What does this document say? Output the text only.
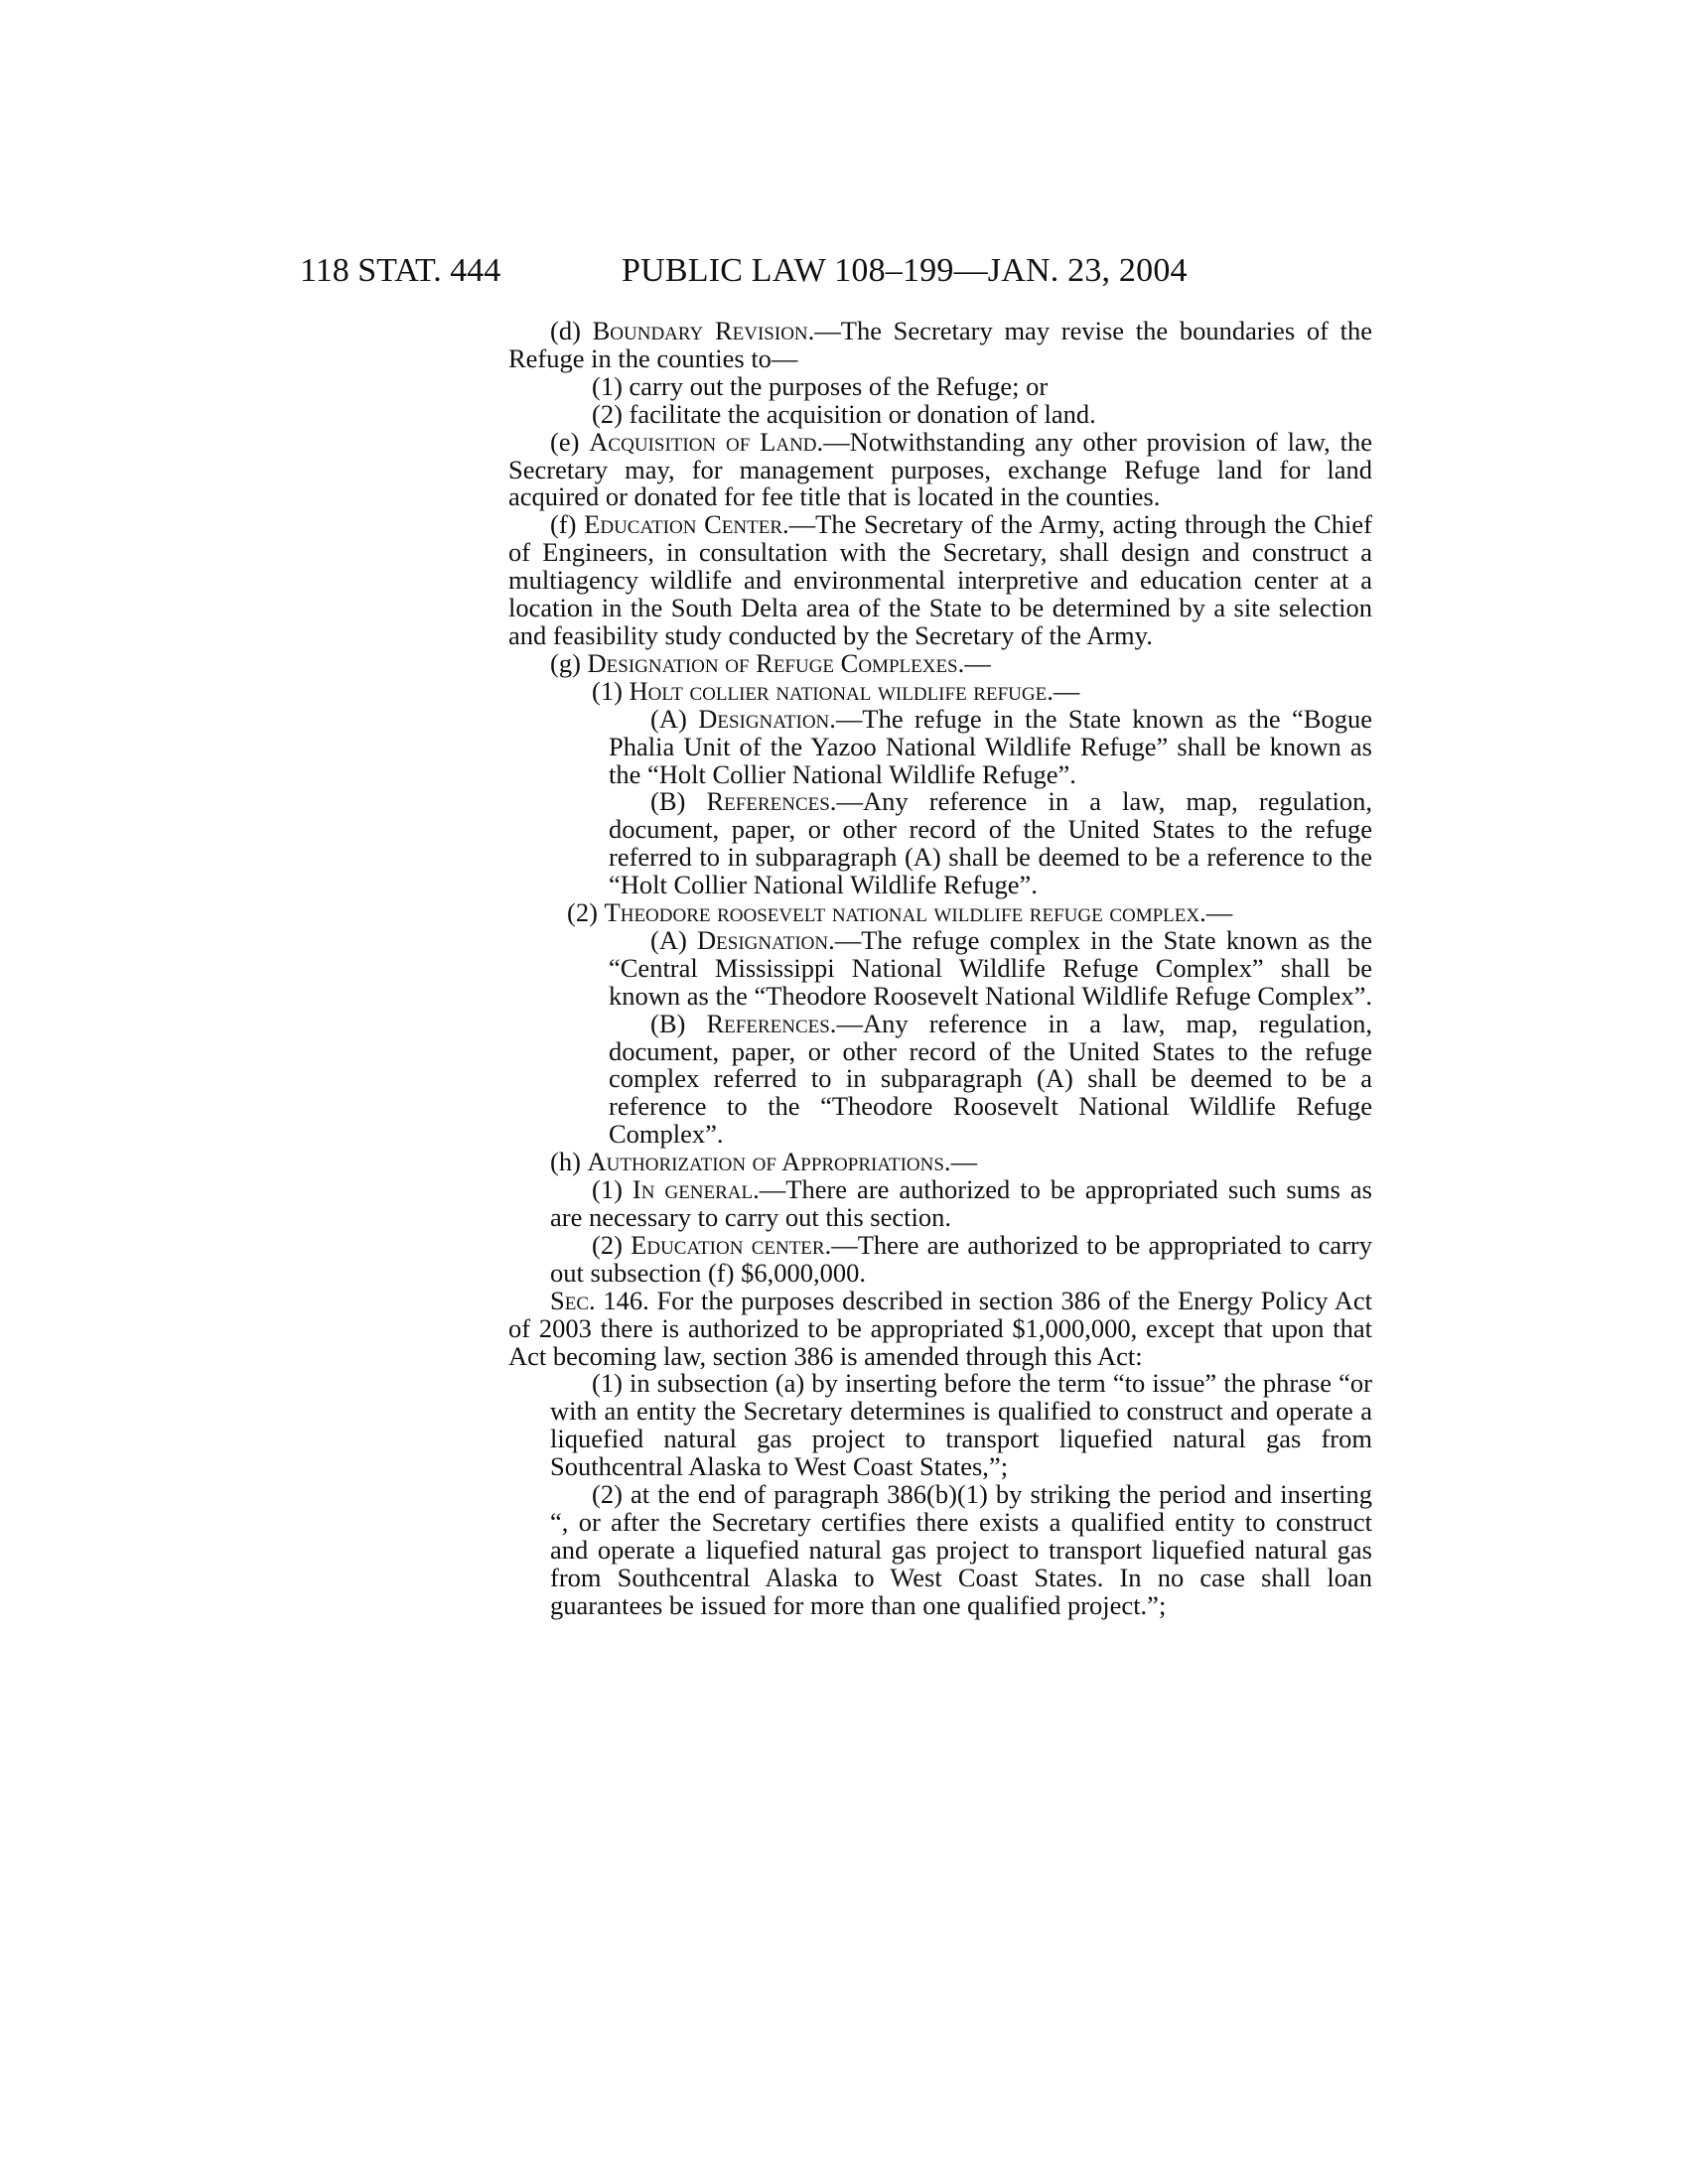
118 STAT. 444	PUBLIC LAW 108–199—JAN. 23, 2004

(d) Boundary Revision.—The Secretary may revise the boundaries of the Refuge in the counties to—

(1) carry out the purposes of the Refuge; or

(2) facilitate the acquisition or donation of land.

(e) Acquisition of Land.—Notwithstanding any other provision of law, the Secretary may, for management purposes, exchange Refuge land for land acquired or donated for fee title that is located in the counties.

(f) Education Center.—The Secretary of the Army, acting through the Chief of Engineers, in consultation with the Secretary, shall design and construct a multiagency wildlife and environmental interpretive and education center at a location in the South Delta area of the State to be determined by a site selection and feasibility study conducted by the Secretary of the Army.

(g) Designation of Refuge Complexes.—

(1) Holt collier national wildlife refuge.—

(A) Designation.—The refuge in the State known as the “Bogue Phalia Unit of the Yazoo National Wildlife Refuge” shall be known as the “Holt Collier National Wildlife Refuge”.

(B) References.—Any reference in a law, map, regulation, document, paper, or other record of the United States to the refuge referred to in subparagraph (A) shall be deemed to be a reference to the “Holt Collier National Wildlife Refuge”.

(2) Theodore roosevelt national wildlife refuge complex.—

(A) Designation.—The refuge complex in the State known as the “Central Mississippi National Wildlife Refuge Complex” shall be known as the “Theodore Roosevelt National Wildlife Refuge Complex”.

(B) References.—Any reference in a law, map, regulation, document, paper, or other record of the United States to the refuge complex referred to in subparagraph (A) shall be deemed to be a reference to the “Theodore Roosevelt National Wildlife Refuge Complex”.

(h) Authorization of Appropriations.—

(1) In general.—There are authorized to be appropriated such sums as are necessary to carry out this section.

(2) Education center.—There are authorized to be appropriated to carry out subsection (f) $6,000,000.

Sec. 146. For the purposes described in section 386 of the Energy Policy Act of 2003 there is authorized to be appropriated $1,000,000, except that upon that Act becoming law, section 386 is amended through this Act:

(1) in subsection (a) by inserting before the term “to issue” the phrase “or with an entity the Secretary determines is qualified to construct and operate a liquefied natural gas project to transport liquefied natural gas from Southcentral Alaska to West Coast States,”;

(2) at the end of paragraph 386(b)(1) by striking the period and inserting “, or after the Secretary certifies there exists a qualified entity to construct and operate a liquefied natural gas project to transport liquefied natural gas from Southcentral Alaska to West Coast States. In no case shall loan guarantees be issued for more than one qualified project.”;
